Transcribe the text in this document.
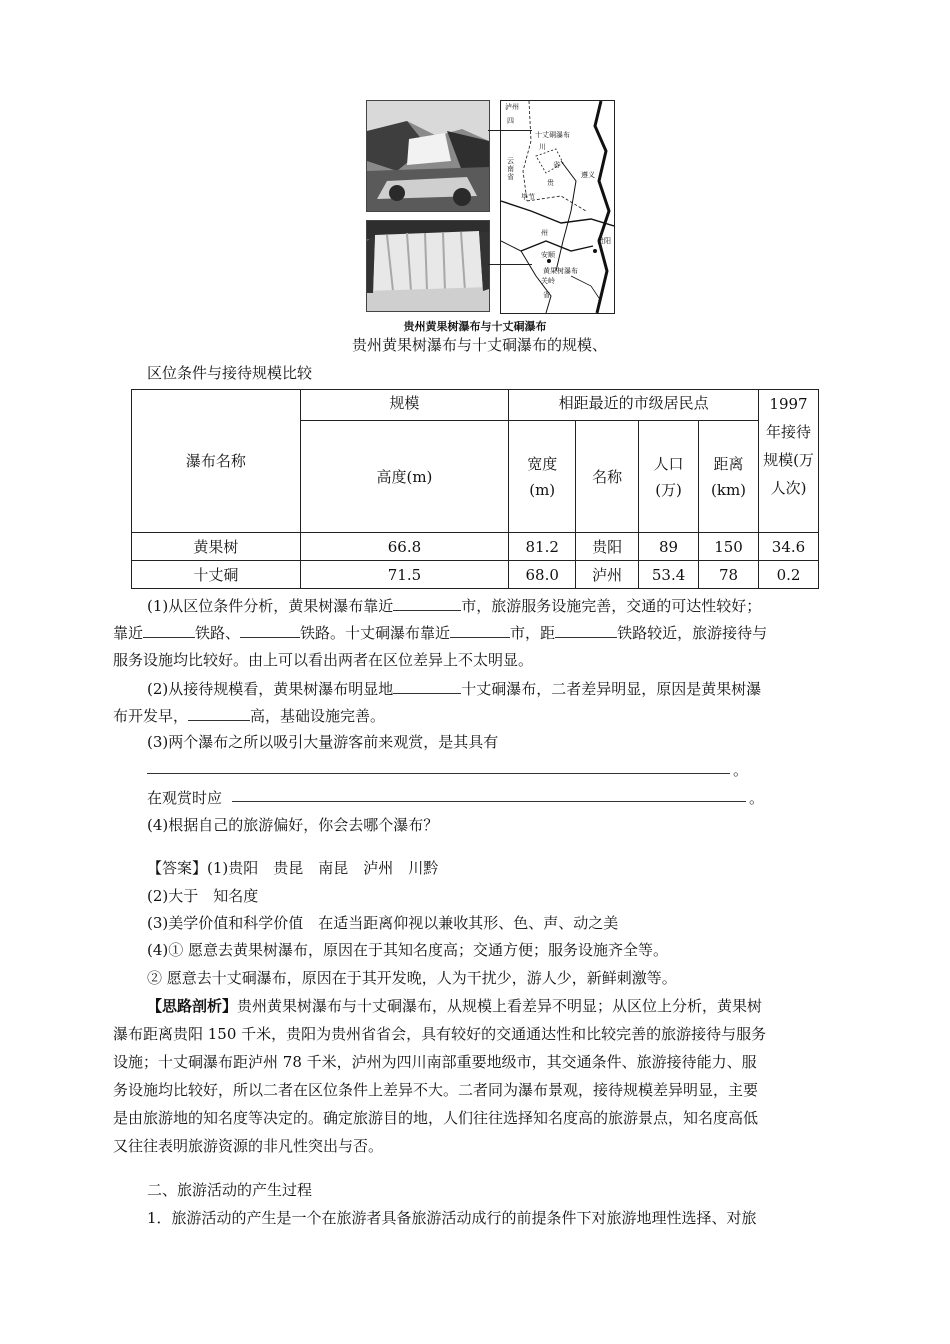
泸州
四
十丈硐瀑布
川
省
云南省
贵
遵义
毕节
州
贵阳
安顺
黄果树瀑布
关岭
省
贵州黄果树瀑布与十丈硐瀑布
贵州黄果树瀑布与十丈硐瀑布的规模、
区位条件与接待规模比较
瀑布名称	规模	相距最近的市级居民点				1997年接待规模(万人次)
	高度(m)	宽度(m)	名称	人口(万)	距离(km)	
黄果树	66.8	81.2	贵阳	89	150	34.6
十丈硐	71.5	68.0	泸州	53.4	78	0.2
(1)从区位条件分析，黄果树瀑布靠近	市，旅游服务设施完善，交通的可达性较好；
靠近	铁路、	铁路。十丈硐瀑布靠近	市，距	铁路较近，旅游接待与
服务设施均比较好。由上可以看出两者在区位差异上不太明显。
(2)从接待规模看，黄果树瀑布明显地	十丈硐瀑布，二者差异明显，原因是黄果树瀑
布开发早，	高，基础设施完善。
(3)两个瀑布之所以吸引大量游客前来观赏，是其具有
。
在观赏时应	。
(4)根据自己的旅游偏好，你会去哪个瀑布？
【答案】(1)贵阳　贵昆　南昆　泸州　川黔
(2)大于　知名度
(3)美学价值和科学价值　在适当距离仰视以兼收其形、色、声、动之美
(4)① 愿意去黄果树瀑布，原因在于其知名度高；交通方便；服务设施齐全等。
② 愿意去十丈硐瀑布，原因在于其开发晚，人为干扰少，游人少，新鲜刺激等。
【思路剖析】贵州黄果树瀑布与十丈硐瀑布，从规模上看差异不明显；从区位上分析，黄果树
瀑布距离贵阳 150 千米，贵阳为贵州省省会，具有较好的交通通达性和比较完善的旅游接待与服务
设施；十丈硐瀑布距泸州 78 千米，泸州为四川南部重要地级市，其交通条件、旅游接待能力、服
务设施均比较好，所以二者在区位条件上差异不大。二者同为瀑布景观，接待规模差异明显，主要
是由旅游地的知名度等决定的。确定旅游目的地，人们往往选择知名度高的旅游景点，知名度高低
又往往表明旅游资源的非凡性突出与否。
二、旅游活动的产生过程
1．旅游活动的产生是一个在旅游者具备旅游活动成行的前提条件下对旅游地理性选择、对旅
